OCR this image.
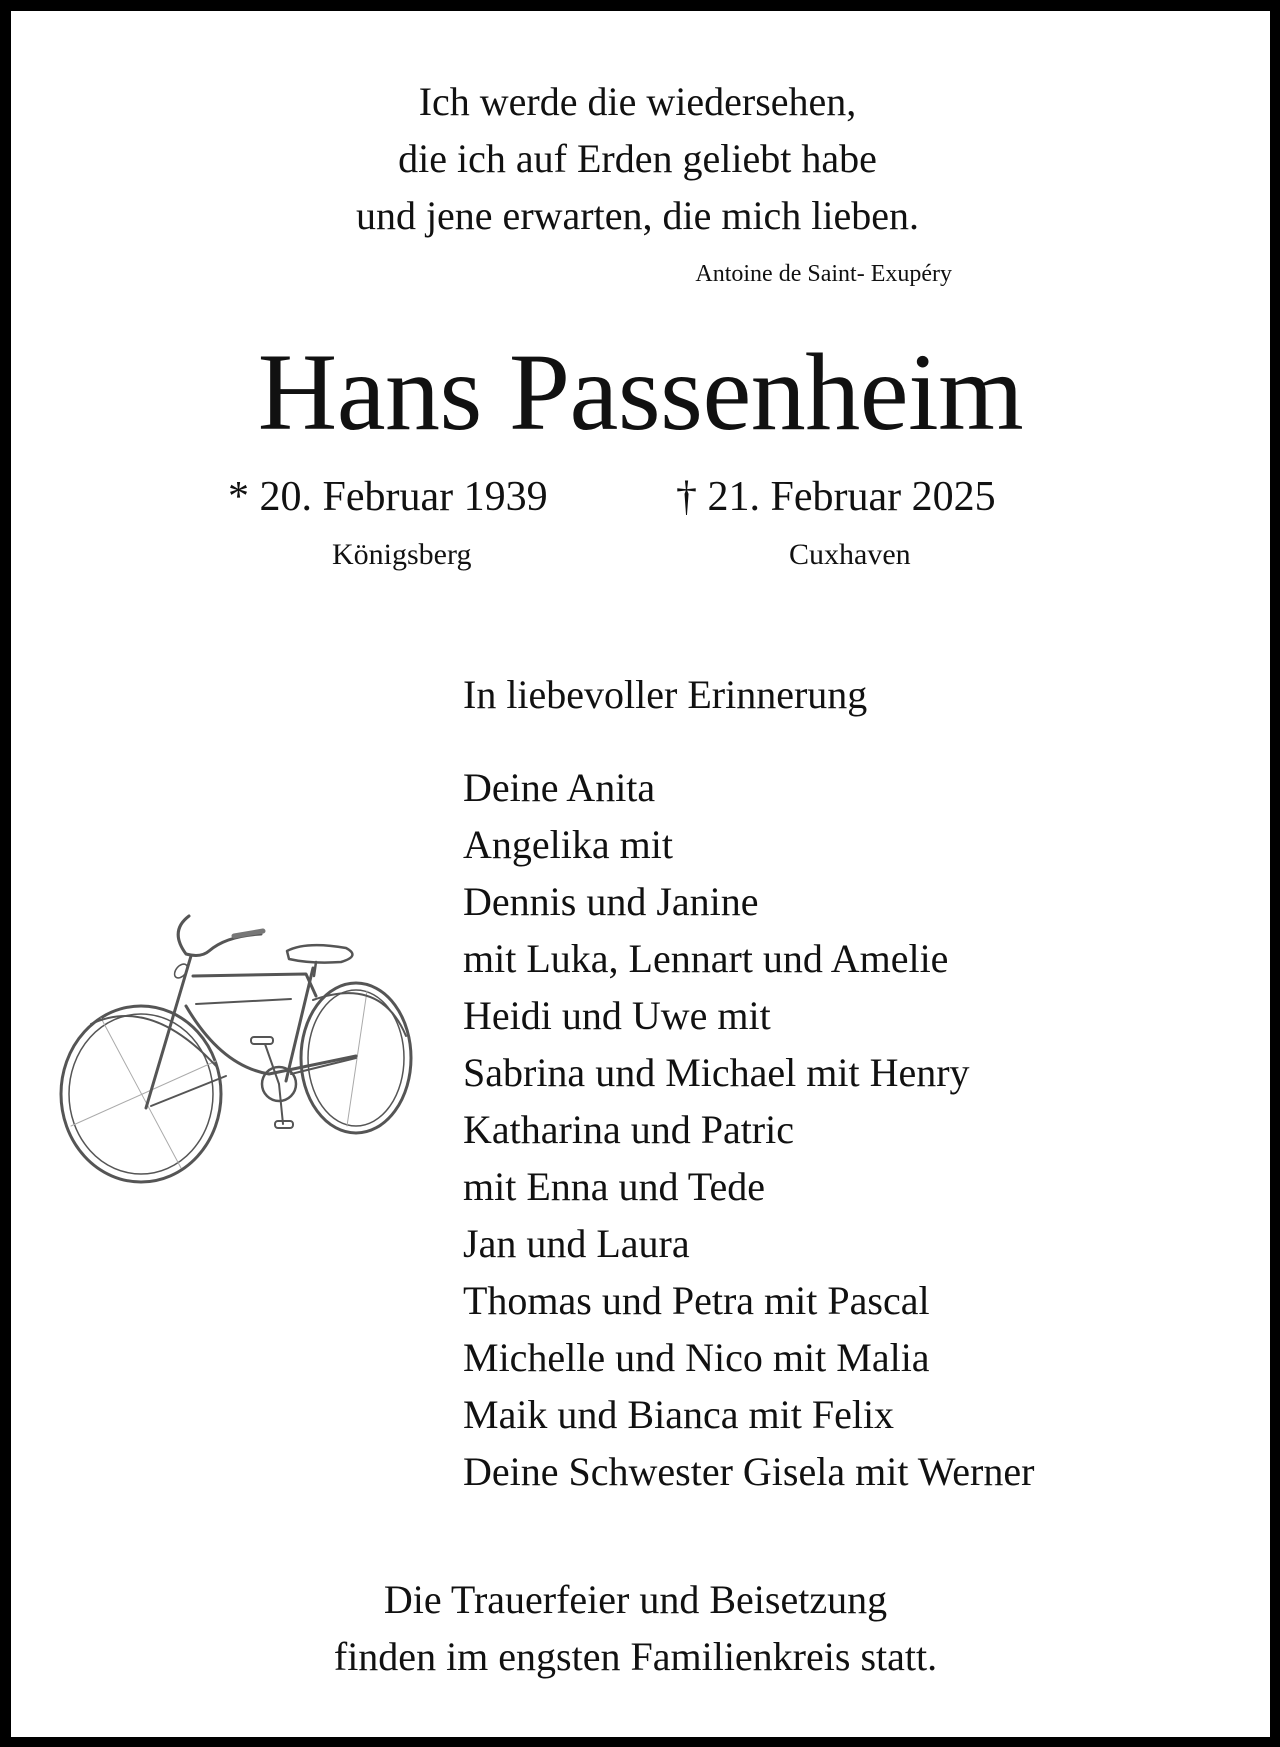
Ich werde die wiedersehen,
die ich auf Erden geliebt habe
und jene erwarten, die mich lieben.
Antoine de Saint- Exupéry
Hans Passenheim
* 20. Februar 1939	† 21. Februar 2025
Königsberg	Cuxhaven
In liebevoller Erinnerung
Deine Anita
Angelika mit
Dennis und Janine
mit Luka, Lennart und Amelie
Heidi und Uwe mit
Sabrina und Michael mit Henry
Katharina und Patric
mit Enna und Tede
Jan und Laura
Thomas und Petra mit Pascal
Michelle und Nico mit Malia
Maik und Bianca mit Felix
Deine Schwester Gisela mit Werner
Die Trauerfeier und Beisetzung
finden im engsten Familienkreis statt.
